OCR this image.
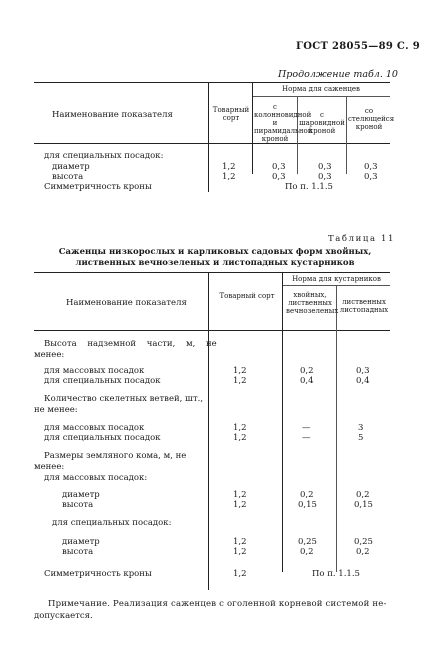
ГОСТ 28055—89 С. 9
Продолжение табл. 10
Наименование показателя	Товарный сорт
Норма для саженцев
с колонновидной и пирамидальной кроной
с шаровидной кроной
со стелющейся кроной
для специальных посадок:
диаметр	1,2	0,3	0,3	0,3
высота	1,2	0,3	0,3	0,3
Симметричность кроны	По п. 1.1.5
Таблица 11
Саженцы низкорослых и карликовых садовых форм хвойных,
лиственных вечнозеленых и листопадных кустарников
Наименование показателя
Товарный сорт
Норма для кустарников
хвойных, лиственных вечнозеленых
лиственных листопадных
Высота надземной части, м, не
менее:
для массовых посадок	1,2	0,2	0,3
для специальных посадок	1,2	0,4	0,4
Количество скелетных ветвей, шт.,
не менее:
для массовых посадок	1,2	—	3
для специальных посадок	1,2	—	5
Размеры земляного кома, м, не
менее:
для массовых посадок:
диаметр	1,2	0,2	0,2
высота	1,2	0,15	0,15
для специальных посадок:
диаметр	1,2	0,25	0,25
высота	1,2	0,2	0,2
Симметричность кроны	1,2	По п. 1.1.5
Примечание. Реализация саженцев с оголенной корневой системой не-
допускается.
